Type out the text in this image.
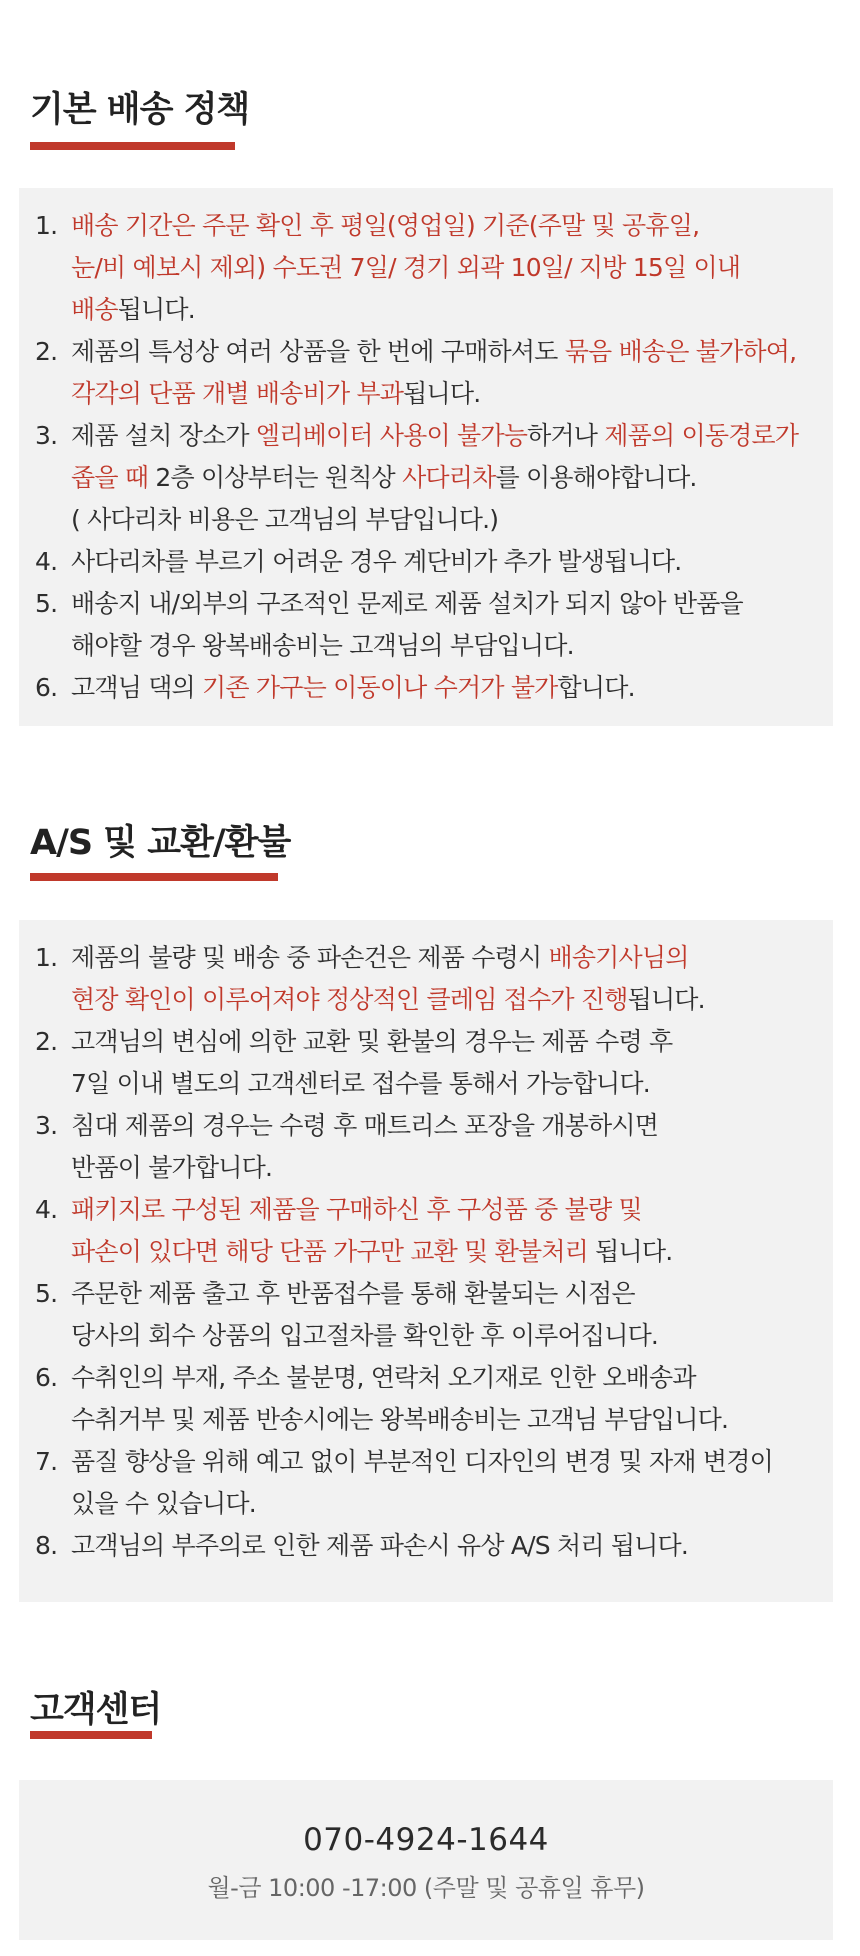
기본 배송 정책
1. 배송 기간은 주문 확인 후 평일(영업일) 기준(주말 및 공휴일,
눈/비 예보시 제외) 수도권 7일/ 경기 외곽 10일/ 지방 15일 이내
배송됩니다.
2. 제품의 특성상 여러 상품을 한 번에 구매하셔도 묶음 배송은 불가하여,
각각의 단품 개별 배송비가 부과됩니다.
3. 제품 설치 장소가 엘리베이터 사용이 불가능하거나 제품의 이동경로가
좁을 때 2층 이상부터는 원칙상 사다리차를 이용해야합니다.
( 사다리차 비용은 고객님의 부담입니다.)
4. 사다리차를 부르기 어려운 경우 계단비가 추가 발생됩니다.
5. 배송지 내/외부의 구조적인 문제로 제품 설치가 되지 않아 반품을
해야할 경우 왕복배송비는 고객님의 부담입니다.
6. 고객님 댁의 기존 가구는 이동이나 수거가 불가합니다.
A/S 및 교환/환불
1. 제품의 불량 및 배송 중 파손건은 제품 수령시 배송기사님의
현장 확인이 이루어져야 정상적인 클레임 접수가 진행됩니다.
2. 고객님의 변심에 의한 교환 및 환불의 경우는 제품 수령 후
7일 이내 별도의 고객센터로 접수를 통해서 가능합니다.
3. 침대 제품의 경우는 수령 후 매트리스 포장을 개봉하시면
반품이 불가합니다.
4. 패키지로 구성된 제품을 구매하신 후 구성품 중 불량 및
파손이 있다면 해당 단품 가구만 교환 및 환불처리 됩니다.
5. 주문한 제품 출고 후 반품접수를 통해 환불되는 시점은
당사의 회수 상품의 입고절차를 확인한 후 이루어집니다.
6. 수취인의 부재, 주소 불분명, 연락처 오기재로 인한 오배송과
수취거부 및 제품 반송시에는 왕복배송비는 고객님 부담입니다.
7. 품질 향상을 위해 예고 없이 부분적인 디자인의 변경 및 자재 변경이
있을 수 있습니다.
8. 고객님의 부주의로 인한 제품 파손시 유상 A/S 처리 됩니다.
고객센터
070-4924-1644
월-금 10:00 -17:00 (주말 및 공휴일 휴무)
